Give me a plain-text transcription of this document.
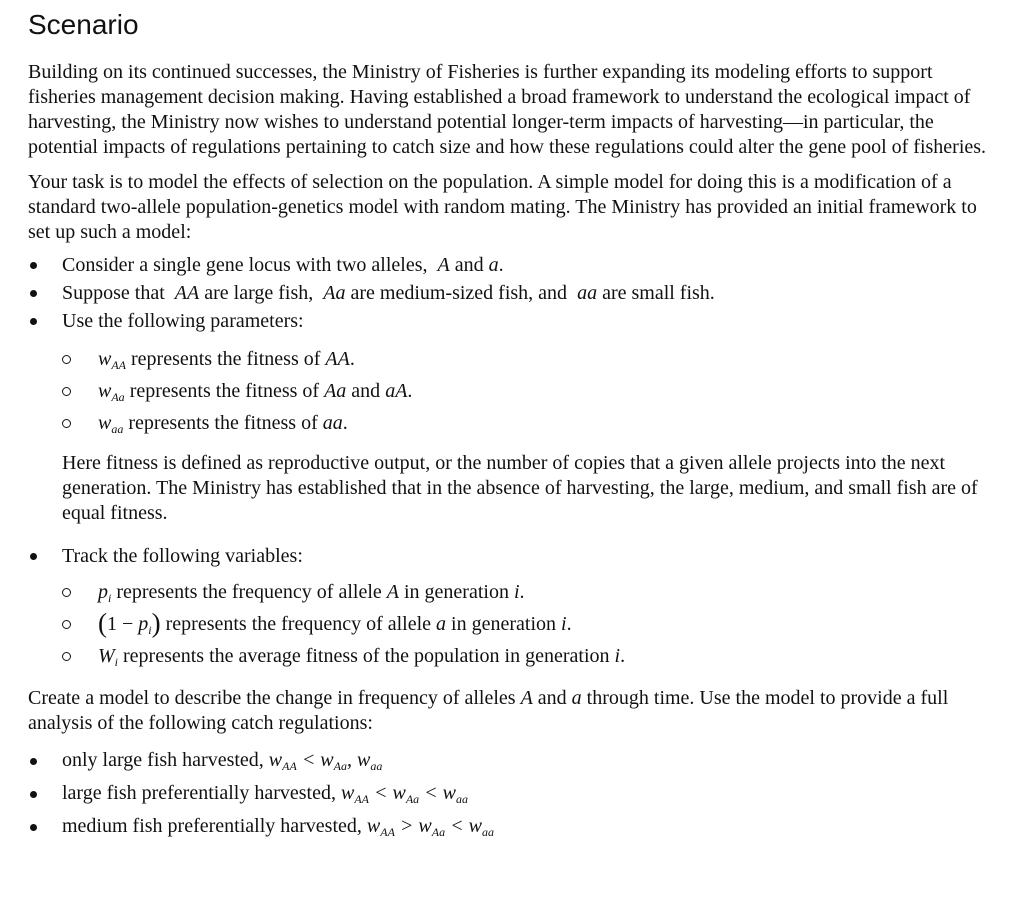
Scenario

Building on its continued successes, the Ministry of Fisheries is further expanding its modeling efforts to support fisheries management decision making. Having established a broad framework to understand the ecological impact of harvesting, the Ministry now wishes to understand potential longer-term impacts of harvesting—in particular, the potential impacts of regulations pertaining to catch size and how these regulations could alter the gene pool of fisheries.

Your task is to model the effects of selection on the population. A simple model for doing this is a modification of a standard two-allele population-genetics model with random mating. The Ministry has provided an initial framework to set up such a model:

Consider a single gene locus with two alleles,  A and a.
Suppose that  AA are large fish,  Aa are medium-sized fish, and  aa are small fish.
Use the following parameters:
$w_{AA}$ represents the fitness of AA.
$w_{Aa}$ represents the fitness of Aa and aA.
$w_{aa}$ represents the fitness of aa.

Here fitness is defined as reproductive output, or the number of copies that a given allele projects into the next generation. The Ministry has established that in the absence of harvesting, the large, medium, and small fish are of equal fitness.

Track the following variables:
$p_i$ represents the frequency of allele A in generation i.
$(1 - p_i)$ represents the frequency of allele a in generation i.
$W_i$ represents the average fitness of the population in generation i.

Create a model to describe the change in frequency of alleles A and a through time. Use the model to provide a full analysis of the following catch regulations:

only large fish harvested, $w_{AA} < w_{Aa}$, $w_{aa}$
large fish preferentially harvested, $w_{AA} < w_{Aa} < w_{aa}$
medium fish preferentially harvested, $w_{AA} > w_{Aa} < w_{aa}$
